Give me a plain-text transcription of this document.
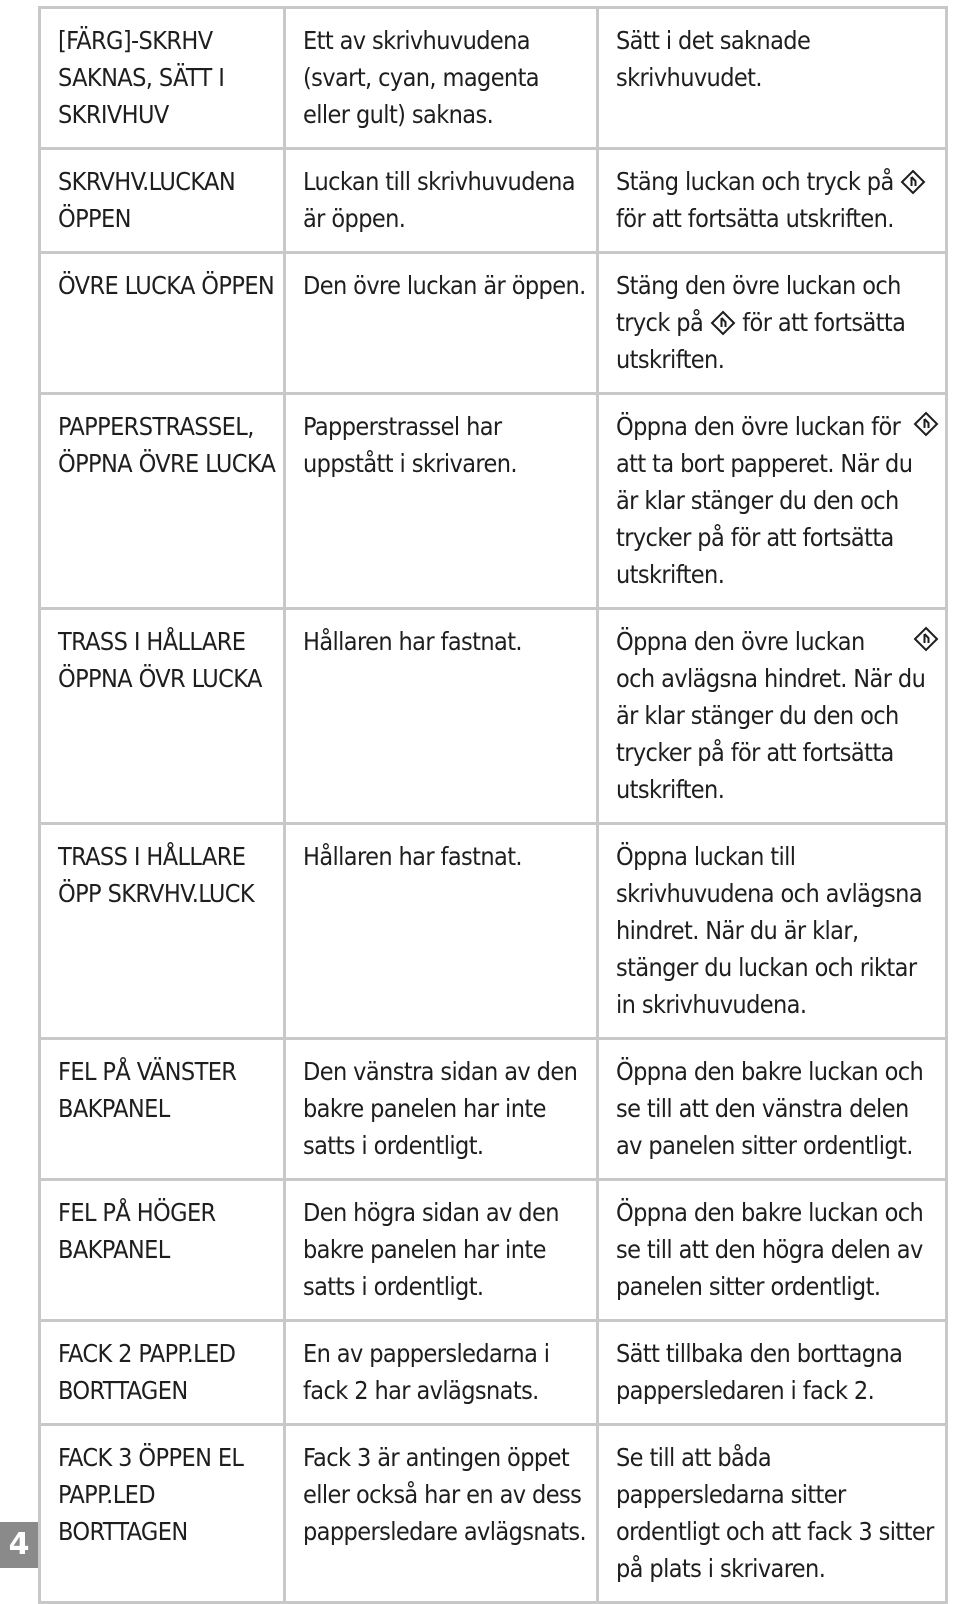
[FÄRG]-SKRHV SAKNAS, SÄTT I SKRIVHUV	Ett av skrivhuvudena (svart, cyan, magenta eller gult) saknas.	Sätt i det saknade skrivhuvudet.
SKRVHV.LUCKAN ÖPPEN	Luckan till skrivhuvudena är öppen.	Stäng luckan och tryck på
för att fortsätta utskriften.
ÖVRE LUCKA ÖPPEN	Den övre luckan är öppen.	Stäng den övre luckan och tryck på för att fortsätta utskriften.
PAPPERSTRASSEL, ÖPPNA ÖVRE LUCKA	Papperstrassel har uppstått i skrivaren.	Öppna den övre luckan för att ta bort papperet. När du är klar stänger du den och trycker på för att fortsätta utskriften.
TRASS I HÅLLARE ÖPPNA ÖVR LUCKA	Hållaren har fastnat.	Öppna den övre luckan och avlägsna hindret. När du är klar stänger du den och trycker på för att fortsätta utskriften.
TRASS I HÅLLARE ÖPP SKRVHV.LUCK	Hållaren har fastnat.	Öppna luckan till skrivhuvudena och avlägsna hindret. När du är klar, stänger du luckan och riktar in skrivhuvudena.
FEL PÅ VÄNSTER BAKPANEL	Den vänstra sidan av den bakre panelen har inte satts i ordentligt.	Öppna den bakre luckan och se till att den vänstra delen av panelen sitter ordentligt.
FEL PÅ HÖGER BAKPANEL	Den högra sidan av den bakre panelen har inte satts i ordentligt.	Öppna den bakre luckan och se till att den högra delen av panelen sitter ordentligt.
FACK 2 PAPP.LED BORTTAGEN	En av pappersledarna i fack 2 har avlägsnats.	Sätt tillbaka den borttagna pappersledaren i fack 2.
FACK 3 ÖPPEN EL PAPP.LED BORTTAGEN	Fack 3 är antingen öppet eller också har en av dess pappersledare avlägsnats.	Se till att båda pappersledarna sitter ordentligt och att fack 3 sitter på plats i skrivaren.
4
